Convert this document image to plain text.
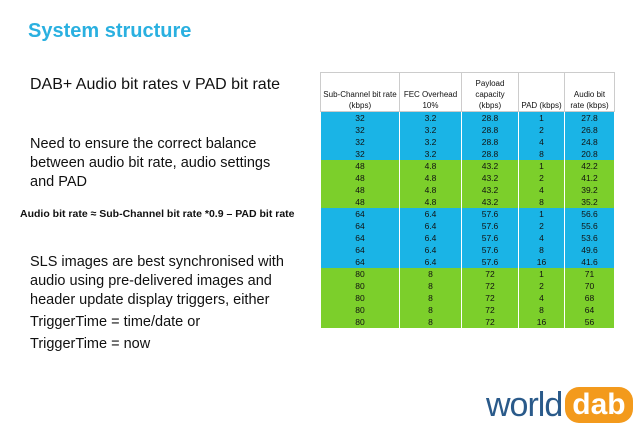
System structure
DAB+ Audio bit rates v PAD bit rate
Need to ensure the correct balance between audio bit rate, audio settings and PAD
Audio bit rate ≈ Sub-Channel bit rate *0.9 – PAD bit rate
SLS images are best synchronised with audio using pre-delivered images and header update display triggers, either
TriggerTime = time/date or
TriggerTime = now
Sub-Channel bit rate (kbps)	FEC Overhead 10%	Payload capacity (kbps)	PAD (kbps)	Audio bit rate (kbps)
32	3.2	28.8	1	27.8
32	3.2	28.8	2	26.8
32	3.2	28.8	4	24.8
32	3.2	28.8	8	20.8
48	4.8	43.2	1	42.2
48	4.8	43.2	2	41.2
48	4.8	43.2	4	39.2
48	4.8	43.2	8	35.2
64	6.4	57.6	1	56.6
64	6.4	57.6	2	55.6
64	6.4	57.6	4	53.6
64	6.4	57.6	8	49.6
64	6.4	57.6	16	41.6
80	8	72	1	71
80	8	72	2	70
80	8	72	4	68
80	8	72	8	64
80	8	72	16	56
world dab
